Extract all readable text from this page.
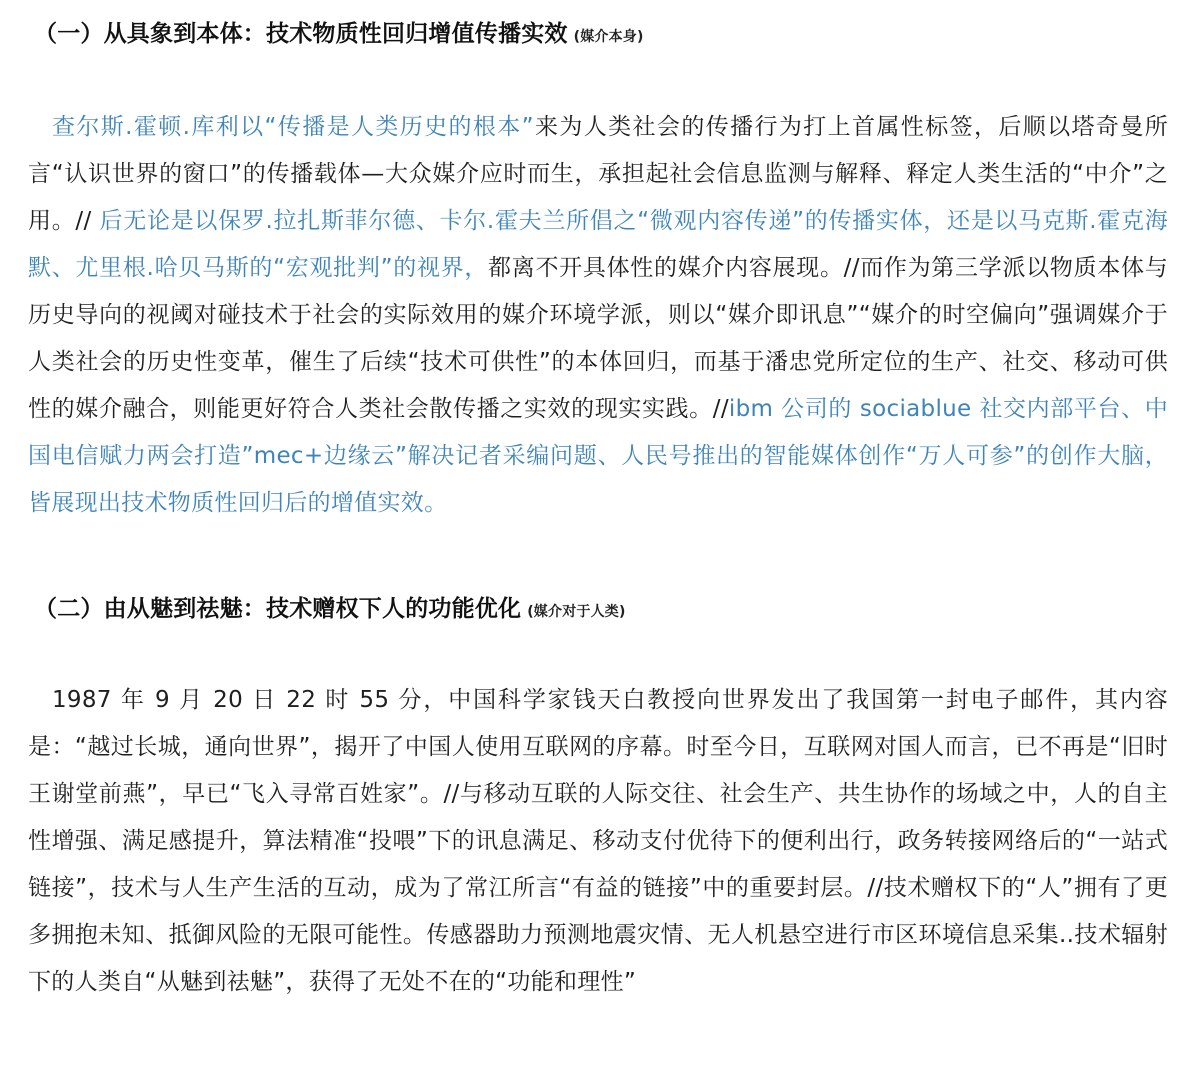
（一）从具象到本体：技术物质性回归增值传播实效 (媒介本身)
查尔斯.霍顿.库利以“传播是人类历史的根本”来为人类社会的传播行为打上首属性标签，后顺以塔奇曼所言“认识世界的窗口”的传播载体—大众媒介应时而生，承担起社会信息监测与解释、释定人类生活的“中介”之用。// 后无论是以保罗.拉扎斯菲尔德、卡尔.霍夫兰所倡之“微观内容传递”的传播实体，还是以马克斯.霍克海默、尤里根.哈贝马斯的“宏观批判”的视界，都离不开具体性的媒介内容展现。//而作为第三学派以物质本体与历史导向的视阈对碰技术于社会的实际效用的媒介环境学派，则以“媒介即讯息”“媒介的时空偏向”强调媒介于人类社会的历史性变革，催生了后续“技术可供性”的本体回归，而基于潘忠党所定位的生产、社交、移动可供性的媒介融合，则能更好符合人类社会散传播之实效的现实实践。//ibm 公司的 sociablue 社交内部平台、中国电信赋力两会打造”mec+边缘云”解决记者采编问题、人民号推出的智能媒体创作“万人可参”的创作大脑，皆展现出技术物质性回归后的增值实效。
（二）由从魅到祛魅：技术赠权下人的功能优化 (媒介对于人类)
1987 年 9 月 20 日 22 时 55 分，中国科学家钱天白教授向世界发出了我国第一封电子邮件，其内容是：“越过长城，通向世界”，揭开了中国人使用互联网的序幕。时至今日，互联网对国人而言，已不再是“旧时王谢堂前燕”，早已“飞入寻常百姓家”。//与移动互联的人际交往、社会生产、共生协作的场域之中，人的自主性增强、满足感提升，算法精准“投喂”下的讯息满足、移动支付优待下的便利出行，政务转接网络后的“一站式链接”，技术与人生产生活的互动，成为了常江所言“有益的链接”中的重要封层。//技术赠权下的“人”拥有了更多拥抱未知、抵御风险的无限可能性。传感器助力预测地震灾情、无人机悬空进行市区环境信息采集..技术辐射下的人类自“从魅到祛魅”，获得了无处不在的“功能和理性”
